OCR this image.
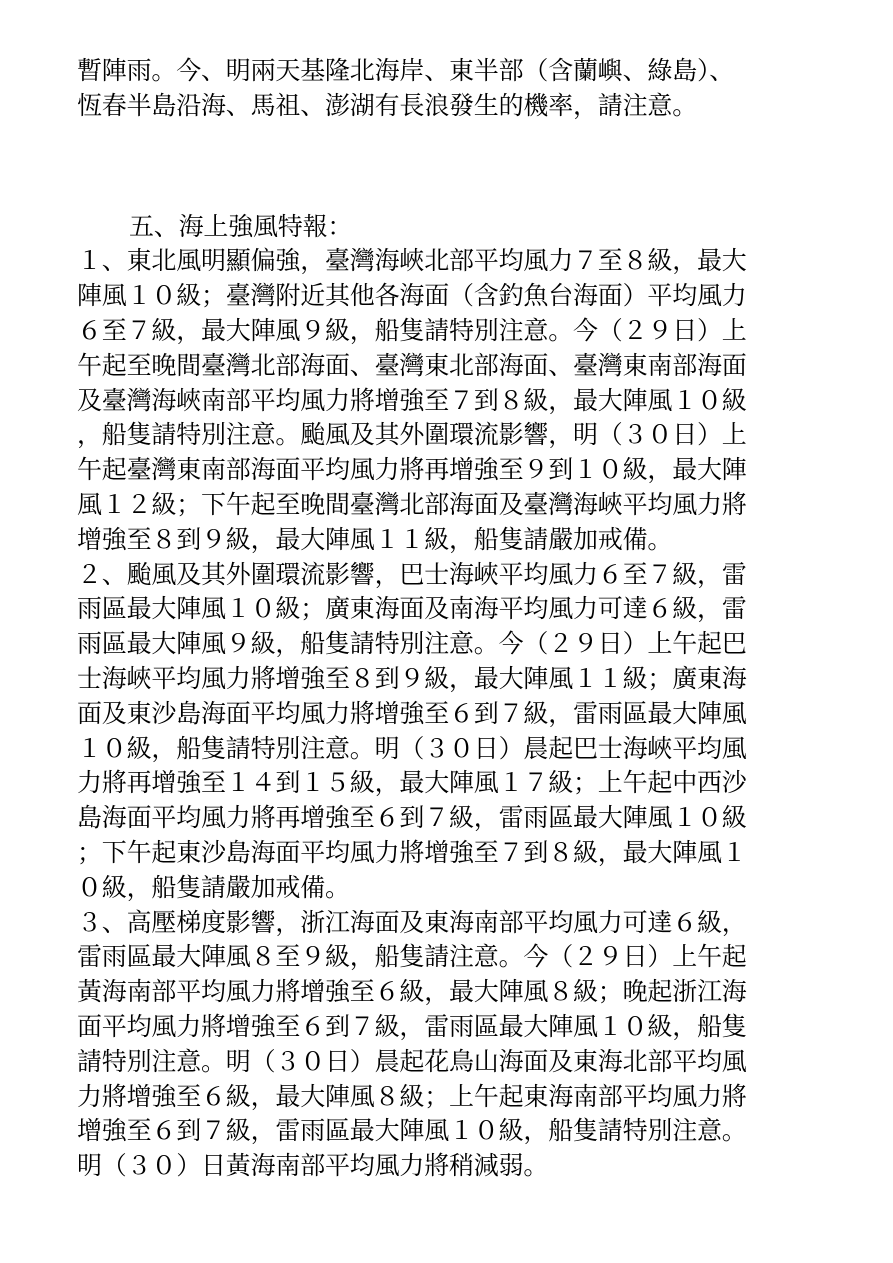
暫陣雨。今、明兩天基隆北海岸、東半部（含蘭嶼、綠島）、
恆春半島沿海、馬祖、澎湖有長浪發生的機率，請注意。
五、海上強風特報：
１、東北風明顯偏強，臺灣海峽北部平均風力７至８級，最大
陣風１０級；臺灣附近其他各海面（含釣魚台海面）平均風力
６至７級，最大陣風９級，船隻請特別注意。今（２９日）上
午起至晚間臺灣北部海面、臺灣東北部海面、臺灣東南部海面
及臺灣海峽南部平均風力將增強至７到８級，最大陣風１０級
，船隻請特別注意。颱風及其外圍環流影響，明（３０日）上
午起臺灣東南部海面平均風力將再增強至９到１０級，最大陣
風１２級；下午起至晚間臺灣北部海面及臺灣海峽平均風力將
增強至８到９級，最大陣風１１級，船隻請嚴加戒備。
２、颱風及其外圍環流影響，巴士海峽平均風力６至７級，雷
雨區最大陣風１０級；廣東海面及南海平均風力可達６級，雷
雨區最大陣風９級，船隻請特別注意。今（２９日）上午起巴
士海峽平均風力將增強至８到９級，最大陣風１１級；廣東海
面及東沙島海面平均風力將增強至６到７級，雷雨區最大陣風
１０級，船隻請特別注意。明（３０日）晨起巴士海峽平均風
力將再增強至１４到１５級，最大陣風１７級；上午起中西沙
島海面平均風力將再增強至６到７級，雷雨區最大陣風１０級
；下午起東沙島海面平均風力將增強至７到８級，最大陣風１
０級，船隻請嚴加戒備。
３、高壓梯度影響，浙江海面及東海南部平均風力可達６級，
雷雨區最大陣風８至９級，船隻請注意。今（２９日）上午起
黃海南部平均風力將增強至６級，最大陣風８級；晚起浙江海
面平均風力將增強至６到７級，雷雨區最大陣風１０級，船隻
請特別注意。明（３０日）晨起花鳥山海面及東海北部平均風
力將增強至６級，最大陣風８級；上午起東海南部平均風力將
增強至６到７級，雷雨區最大陣風１０級，船隻請特別注意。
明（３０）日黃海南部平均風力將稍減弱。
